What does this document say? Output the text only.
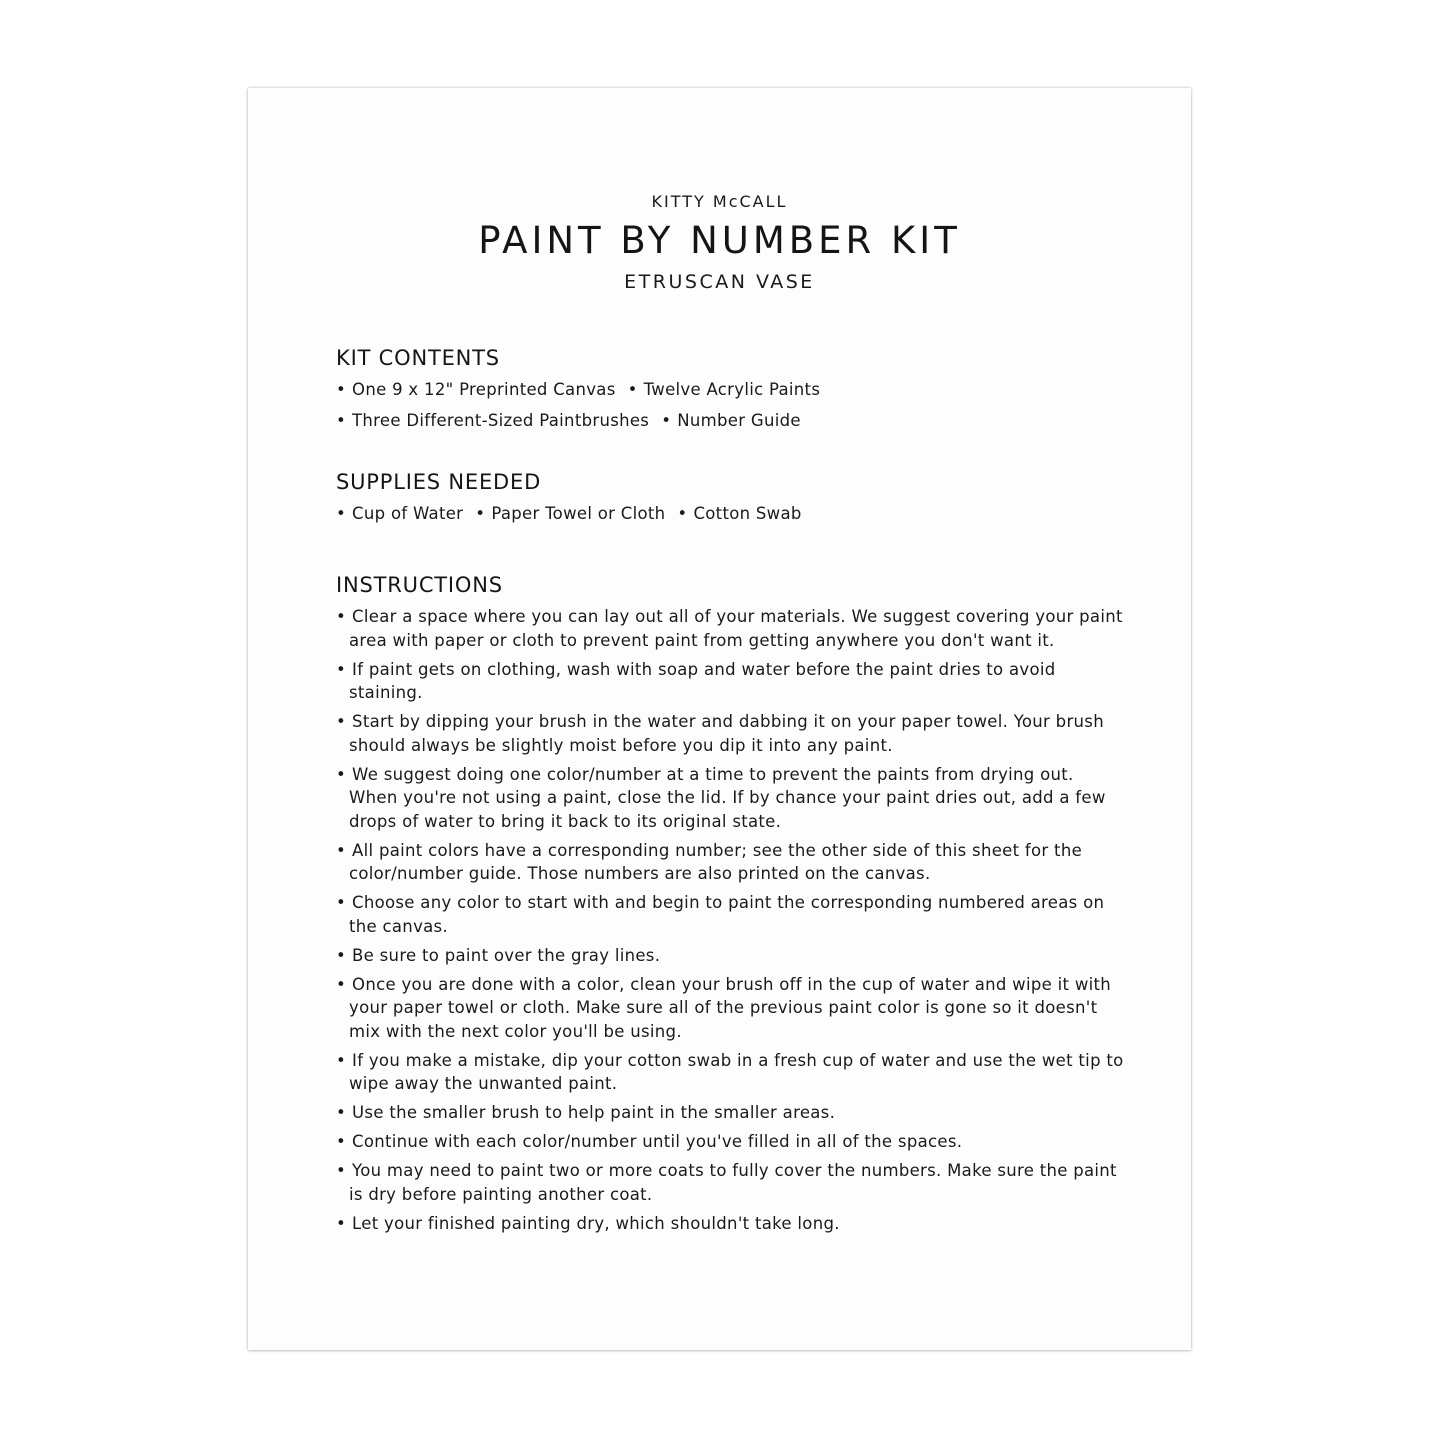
KITTY McCALL
PAINT BY NUMBER KIT
ETRUSCAN VASE
KIT CONTENTS
• One 9 x 12" Preprinted Canvas • Twelve Acrylic Paints
• Three Different-Sized Paintbrushes • Number Guide
SUPPLIES NEEDED
• Cup of Water • Paper Towel or Cloth • Cotton Swab
INSTRUCTIONS
• Clear a space where you can lay out all of your materials. We suggest covering your paint area with paper or cloth to prevent paint from getting anywhere you don't want it.
• If paint gets on clothing, wash with soap and water before the paint dries to avoid staining.
• Start by dipping your brush in the water and dabbing it on your paper towel. Your brush should always be slightly moist before you dip it into any paint.
• We suggest doing one color/number at a time to prevent the paints from drying out. When you're not using a paint, close the lid. If by chance your paint dries out, add a few drops of water to bring it back to its original state.
• All paint colors have a corresponding number; see the other side of this sheet for the color/number guide. Those numbers are also printed on the canvas.
• Choose any color to start with and begin to paint the corresponding numbered areas on the canvas.
• Be sure to paint over the gray lines.
• Once you are done with a color, clean your brush off in the cup of water and wipe it with your paper towel or cloth. Make sure all of the previous paint color is gone so it doesn't mix with the next color you'll be using.
• If you make a mistake, dip your cotton swab in a fresh cup of water and use the wet tip to wipe away the unwanted paint.
• Use the smaller brush to help paint in the smaller areas.
• Continue with each color/number until you've filled in all of the spaces.
• You may need to paint two or more coats to fully cover the numbers. Make sure the paint is dry before painting another coat.
• Let your finished painting dry, which shouldn't take long.
